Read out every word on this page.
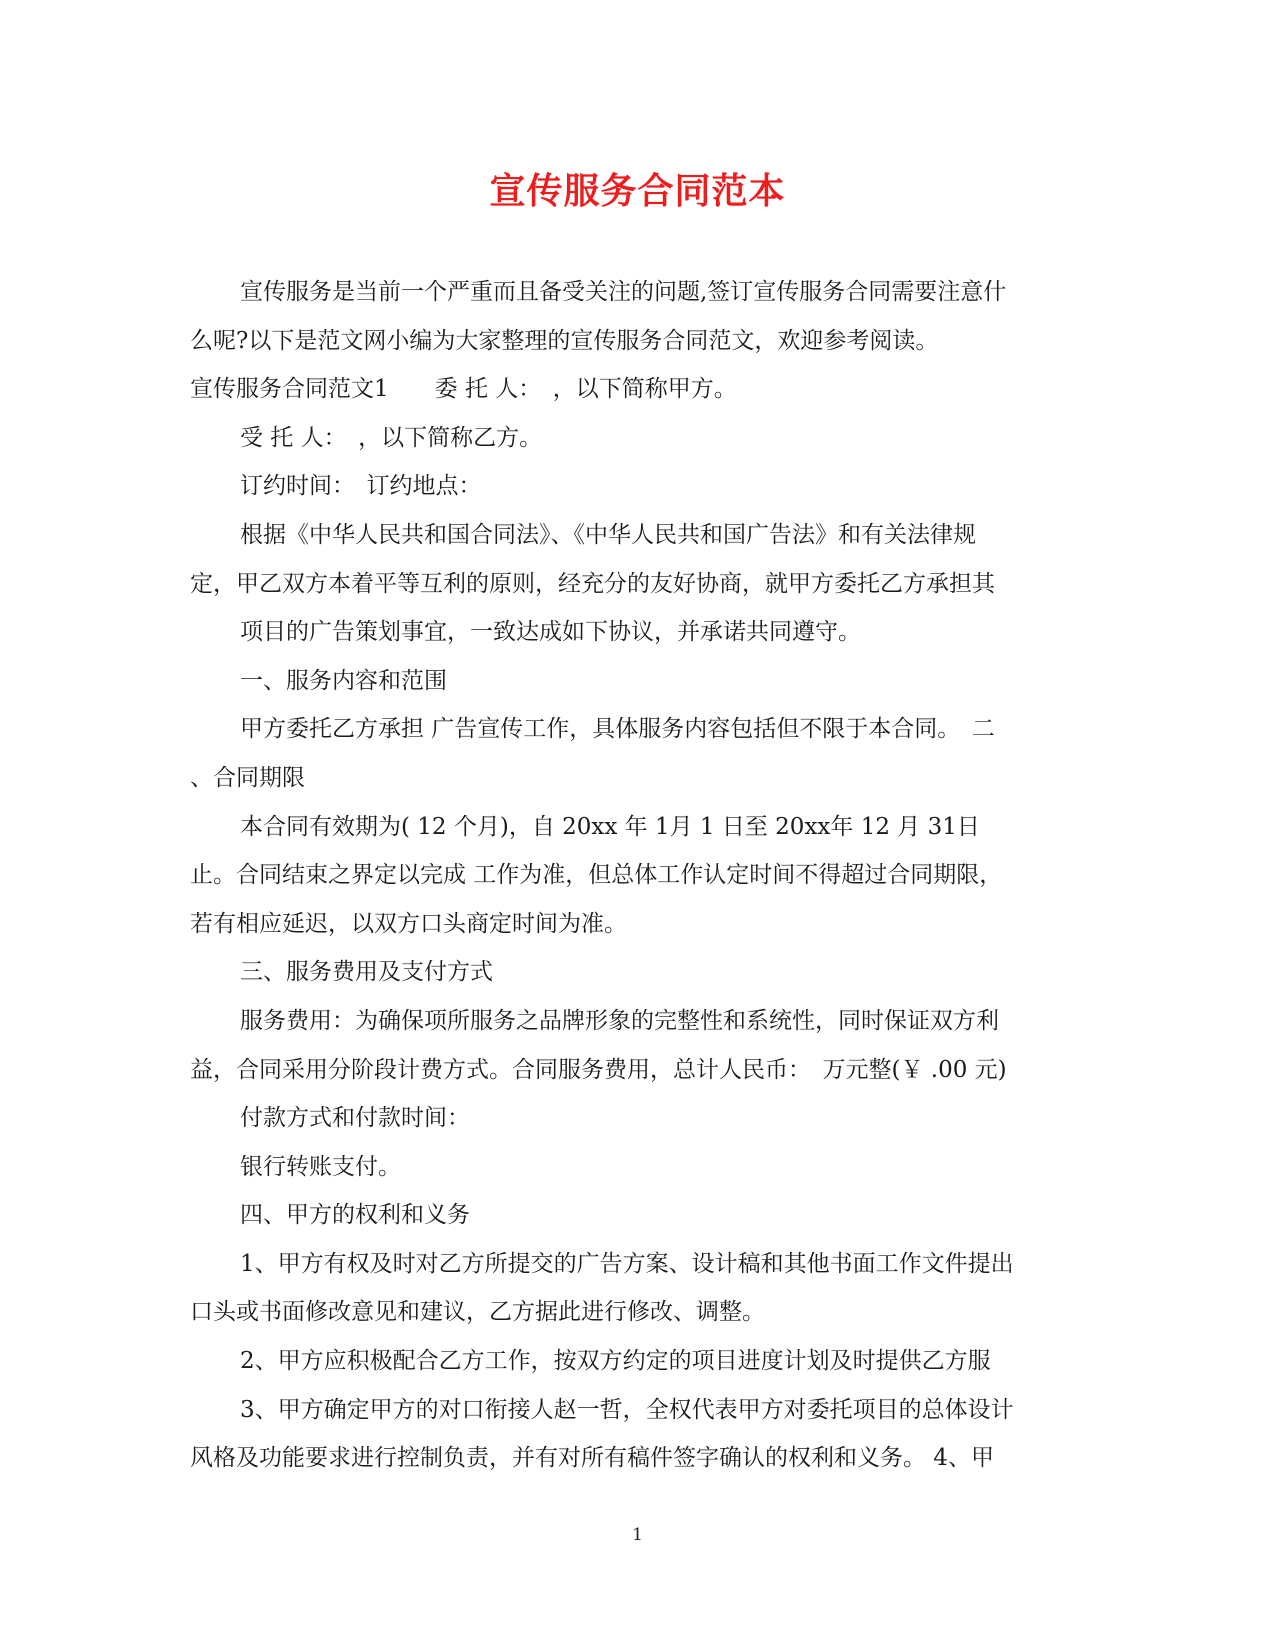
宣传服务合同范本
宣传服务是当前一个严重而且备受关注的问题,签订宣传服务合同需要注意什
么呢?以下是范文网小编为大家整理的宣传服务合同范文，欢迎参考阅读。
宣传服务合同范文1　　委 托 人：　，以下简称甲方。
受 托 人：　，以下简称乙方。
订约时间：　订约地点：
根据《中华人民共和国合同法》、《中华人民共和国广告法》和有关法律规
定，甲乙双方本着平等互利的原则，经充分的友好协商，就甲方委托乙方承担其
项目的广告策划事宜，一致达成如下协议，并承诺共同遵守。
一、服务内容和范围
甲方委托乙方承担 广告宣传工作，具体服务内容包括但不限于本合同。　二
、合同期限
本合同有效期为( 12 个月)，自 20xx 年 1月 1 日至 20xx年 12 月 31日
止。合同结束之界定以完成 工作为准，但总体工作认定时间不得超过合同期限，
若有相应延迟，以双方口头商定时间为准。
三、服务费用及支付方式
服务费用：为确保项所服务之品牌形象的完整性和系统性，同时保证双方利
益，合同采用分阶段计费方式。合同服务费用，总计人民币：　万元整(￥ .00 元)
付款方式和付款时间：
银行转账支付。
四、甲方的权利和义务
1、甲方有权及时对乙方所提交的广告方案、设计稿和其他书面工作文件提出
口头或书面修改意见和建议，乙方据此进行修改、调整。
2、甲方应积极配合乙方工作，按双方约定的项目进度计划及时提供乙方服
3、甲方确定甲方的对口衔接人赵一哲，全权代表甲方对委托项目的总体设计
风格及功能要求进行控制负责，并有对所有稿件签字确认的权利和义务。 4、甲
1
